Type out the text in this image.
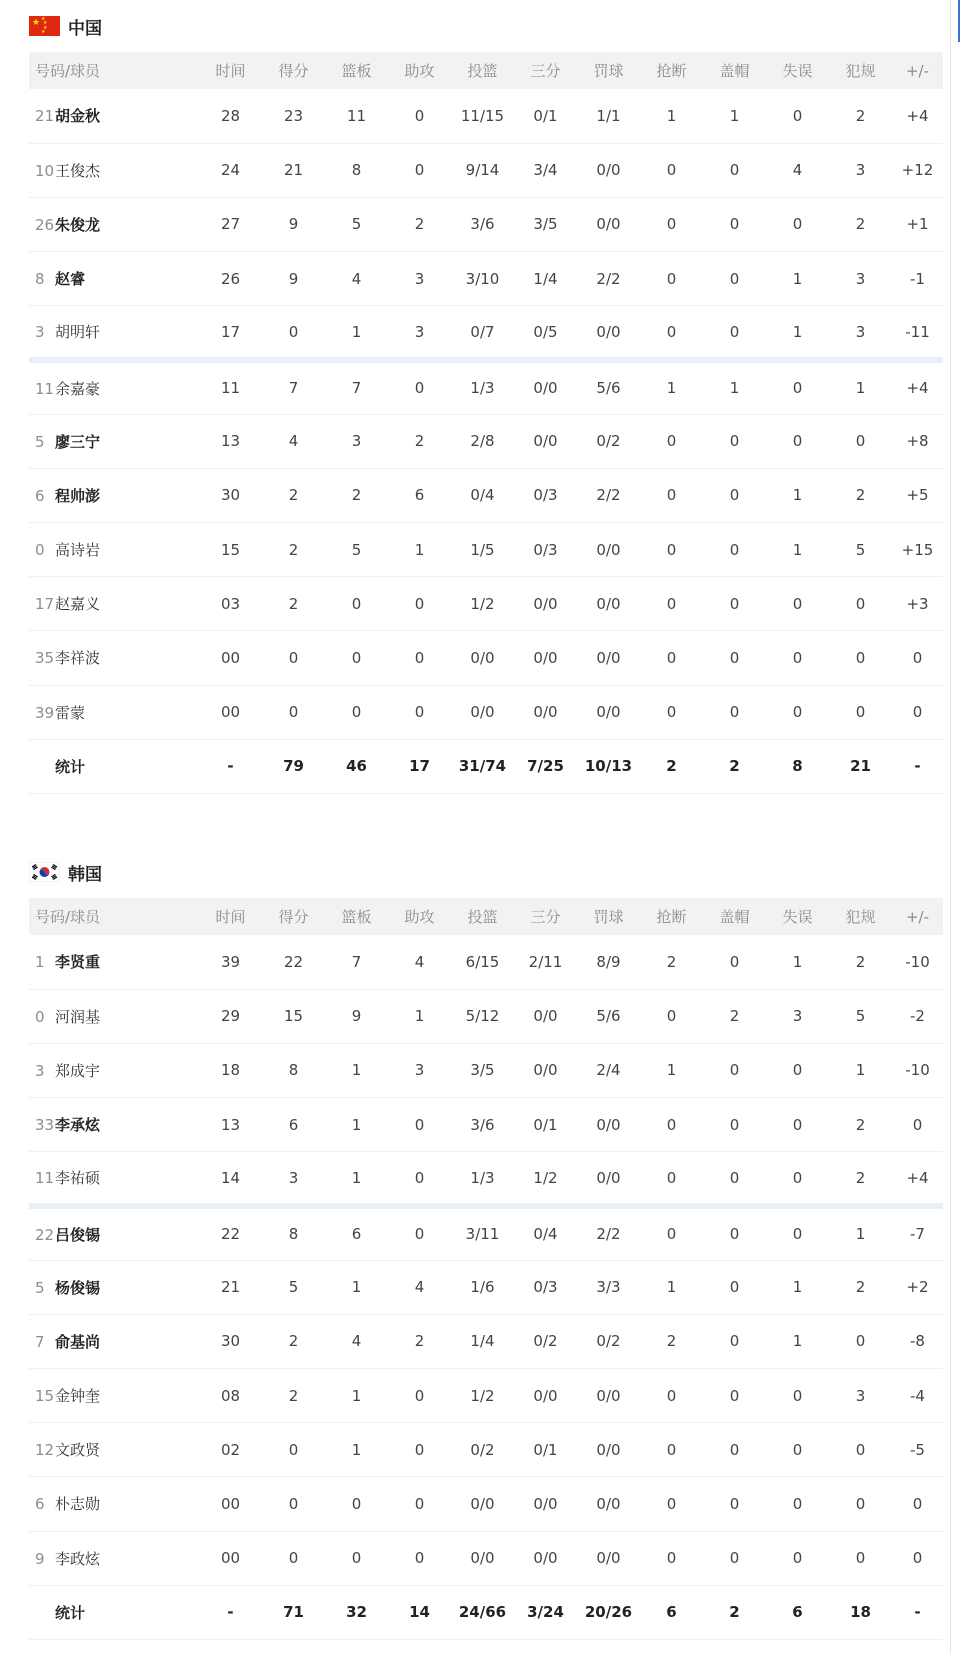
★ ★
★
★
★ 中国
号码/球员	时间	得分	篮板	助攻	投篮	三分	罚球	抢断	盖帽	失误	犯规	+/-
21胡金秋	28	23	11	0	11/15	0/1	1/1	1	1	0	2	+4
10王俊杰	24	21	8	0	9/14	3/4	0/0	0	0	4	3	+12
26朱俊龙	27	9	5	2	3/6	3/5	0/0	0	0	0	2	+1
8 赵睿	26	9	4	3	3/10	1/4	2/2	0	0	1	3	-1
3 胡明轩	17	0	1	3	0/7	0/5	0/0	0	0	1	3	-11
11余嘉豪	11	7	7	0	1/3	0/0	5/6	1	1	0	1	+4
5 廖三宁	13	4	3	2	2/8	0/0	0/2	0	0	0	0	+8
6 程帅澎	30	2	2	6	0/4	0/3	2/2	0	0	1	2	+5
0 高诗岩	15	2	5	1	1/5	0/3	0/0	0	0	1	5	+15
17赵嘉义	03	2	0	0	1/2	0/0	0/0	0	0	0	0	+3
35李祥波	00	0	0	0	0/0	0/0	0/0	0	0	0	0	0
39雷蒙	00	0	0	0	0/0	0/0	0/0	0	0	0	0	0
统计	-	79	46	17	31/74	7/25	10/13	2	2	8	21	-
韩国
号码/球员	时间	得分	篮板	助攻	投篮	三分	罚球	抢断	盖帽	失误	犯规	+/-
1 李贤重	39	22	7	4	6/15	2/11	8/9	2	0	1	2	-10
0 河润基	29	15	9	1	5/12	0/0	5/6	0	2	3	5	-2
3 郑成宇	18	8	1	3	3/5	0/0	2/4	1	0	0	1	-10
33李承炫	13	6	1	0	3/6	0/1	0/0	0	0	0	2	0
11李祐硕	14	3	1	0	1/3	1/2	0/0	0	0	0	2	+4
22吕俊锡	22	8	6	0	3/11	0/4	2/2	0	0	0	1	-7
5 杨俊锡	21	5	1	4	1/6	0/3	3/3	1	0	1	2	+2
7 俞基尚	30	2	4	2	1/4	0/2	0/2	2	0	1	0	-8
15金钟奎	08	2	1	0	1/2	0/0	0/0	0	0	0	3	-4
12文政贤	02	0	1	0	0/2	0/1	0/0	0	0	0	0	-5
6 朴志勋	00	0	0	0	0/0	0/0	0/0	0	0	0	0	0
9 李政炫	00	0	0	0	0/0	0/0	0/0	0	0	0	0	0
统计	-	71	32	14	24/66	3/24	20/26	6	2	6	18	-
